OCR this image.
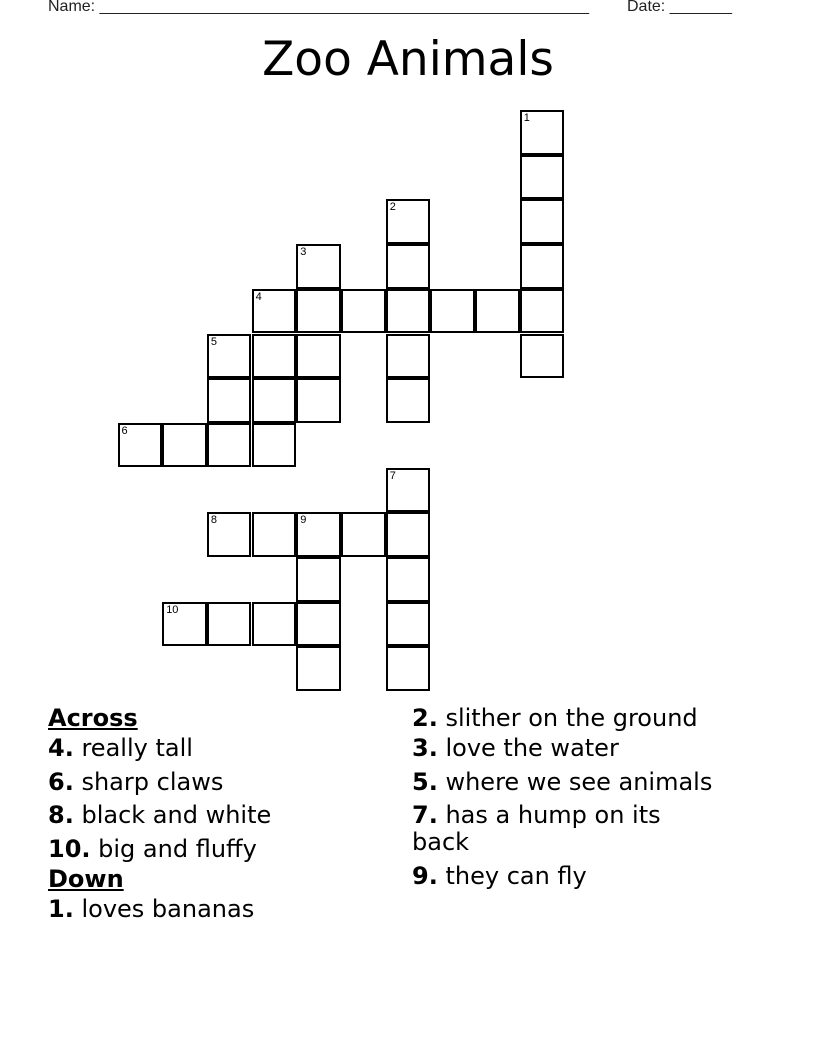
Name: _______________________________________________________ Date: _______
Zoo Animals
1
2
3
4
5
6
7
8	9
10
Across
4. really tall
6. sharp claws
8. black and white
10. big and fluffy
Down
1. loves bananas
2. slither on the ground
3. love the water
5. where we see animals
7. has a hump on its back
9. they can fly
